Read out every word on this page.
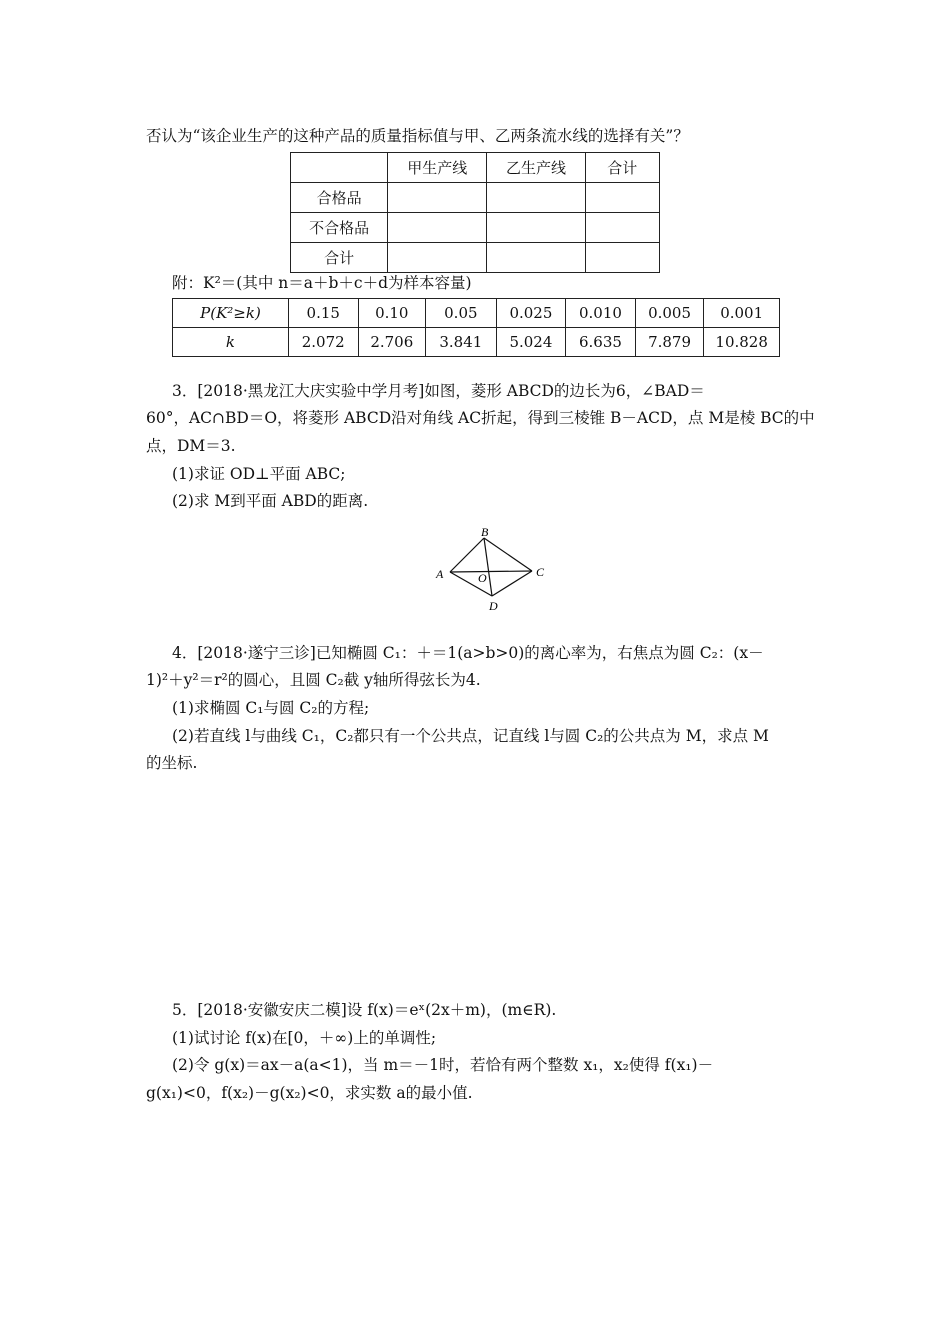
否认为“该企业生产的这种产品的质量指标值与甲、乙两条流水线的选择有关”？
	甲生产线	乙生产线	合计
合格品			
不合格品			
合计			
附：K²＝(其中 n＝a＋b＋c＋d为样本容量)
P(K²≥k)	0.15	0.10	0.05	0.025	0.010	0.005	0.001
k	2.072	2.706	3.841	5.024	6.635	7.879	10.828
3．[2018·黑龙江大庆实验中学月考]如图，菱形 ABCD的边长为6，∠BAD＝
60°，AC∩BD＝O，将菱形 ABCD沿对角线 AC折起，得到三棱锥 B－ACD，点 M是棱 BC的中
点，DM＝3.
(1)求证 OD⊥平面 ABC;
(2)求 M到平面 ABD的距离.
B
A	C
D
O
4．[2018·遂宁三诊]已知椭圆 C₁：＋＝1(a>b>0)的离心率为，右焦点为圆 C₂：(x－
1)²＋y²＝r²的圆心，且圆 C₂截 y轴所得弦长为4.
(1)求椭圆 C₁与圆 C₂的方程;
(2)若直线 l与曲线 C₁，C₂都只有一个公共点，记直线 l与圆 C₂的公共点为 M，求点 M
的坐标.
5．[2018·安徽安庆二模]设 f(x)＝eˣ(2x＋m)，(m∈R).
(1)试讨论 f(x)在[0，＋∞)上的单调性;
(2)令 g(x)＝ax－a(a<1)，当 m＝－1时，若恰有两个整数 x₁，x₂使得 f(x₁)－
g(x₁)<0，f(x₂)－g(x₂)<0，求实数 a的最小值.
